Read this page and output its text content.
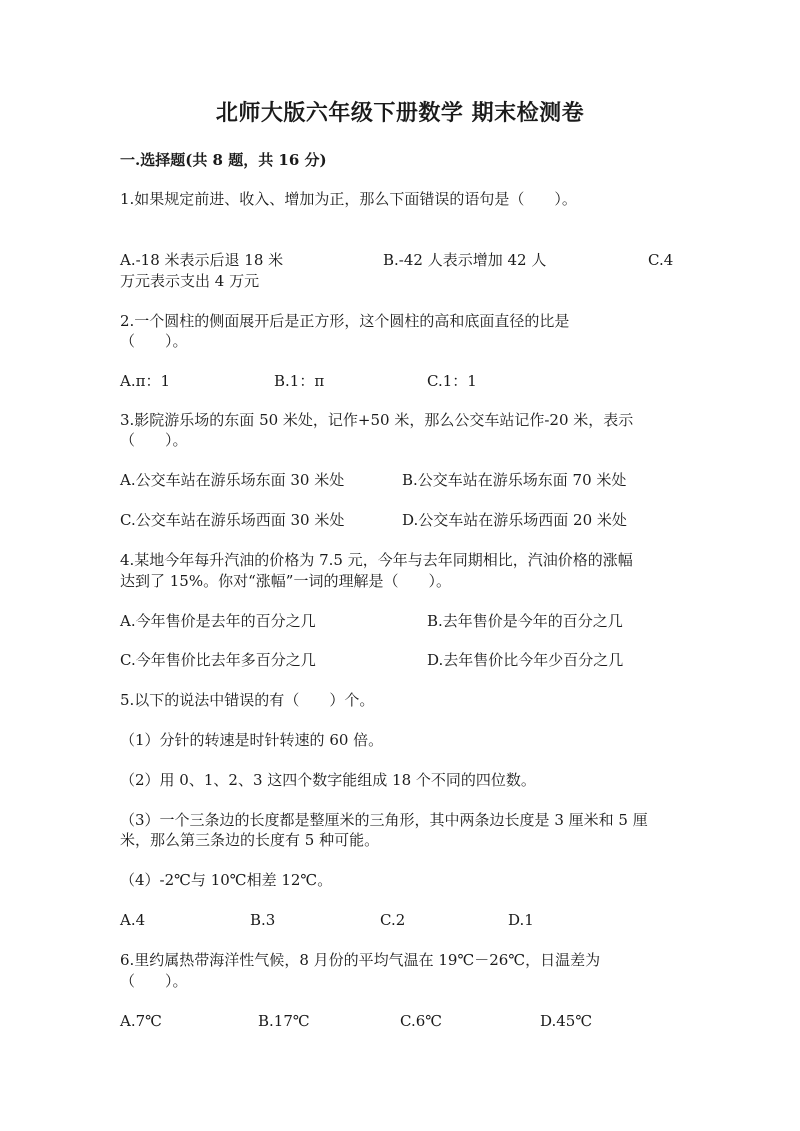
北师大版六年级下册数学 期末检测卷
一.选择题(共 8 题，共 16 分)
1.如果规定前进、收入、增加为正，那么下面错误的语句是（　　）。
A.-18 米表示后退 18 米	B.-42 人表示增加 42 人	C.4
万元表示支出 4 万元
2.一个圆柱的侧面展开后是正方形，这个圆柱的高和底面直径的比是
（　　）。
A.π：1	B.1：π	C.1：1
3.影院游乐场的东面 50 米处，记作+50 米，那么公交车站记作-20 米，表示
（　　）。
A.公交车站在游乐场东面 30 米处	B.公交车站在游乐场东面 70 米处
C.公交车站在游乐场西面 30 米处	D.公交车站在游乐场西面 20 米处
4.某地今年每升汽油的价格为 7.5 元，今年与去年同期相比，汽油价格的涨幅
达到了 15%。你对“涨幅”一词的理解是（　　）。
A.今年售价是去年的百分之几	B.去年售价是今年的百分之几
C.今年售价比去年多百分之几	D.去年售价比今年少百分之几
5.以下的说法中错误的有（　　）个。
（1）分针的转速是时针转速的 60 倍。
（2）用 0、1、2、3 这四个数字能组成 18 个不同的四位数。
（3）一个三条边的长度都是整厘米的三角形，其中两条边长度是 3 厘米和 5 厘
米，那么第三条边的长度有 5 种可能。
（4）-2℃与 10℃相差 12℃。
A.4	B.3	C.2	D.1
6.里约属热带海洋性气候，8 月份的平均气温在 19℃－26℃，日温差为
（　　）。
A.7℃	B.17℃	C.6℃	D.45℃
